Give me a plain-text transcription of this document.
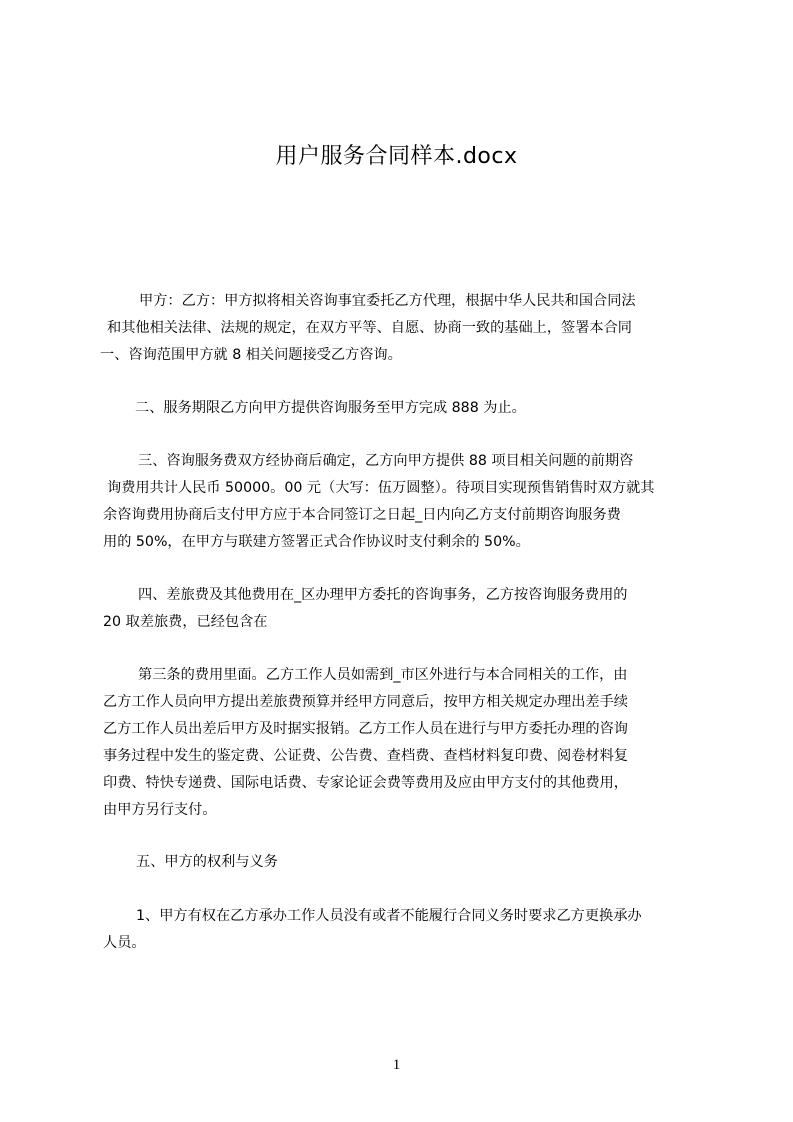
用户服务合同样本.docx
甲方：乙方：甲方拟将相关咨询事宜委托乙方代理，根据中华人民共和国合同法
和其他相关法律、法规的规定，在双方平等、自愿、协商一致的基础上，签署本合同
一、咨询范围甲方就 8 相关问题接受乙方咨询。
二、服务期限乙方向甲方提供咨询服务至甲方完成 888 为止。
三、咨询服务费双方经协商后确定，乙方向甲方提供 88 项目相关问题的前期咨
询费用共计人民币 50000。00 元（大写：伍万圆整）。待项目实现预售销售时双方就其
余咨询费用协商后支付甲方应于本合同签订之日起_日内向乙方支付前期咨询服务费
用的 50%，在甲方与联建方签署正式合作协议时支付剩余的 50%。
四、差旅费及其他费用在_区办理甲方委托的咨询事务，乙方按咨询服务费用的
20 取差旅费，已经包含在
第三条的费用里面。乙方工作人员如需到_市区外进行与本合同相关的工作，由
乙方工作人员向甲方提出差旅费预算并经甲方同意后，按甲方相关规定办理出差手续
乙方工作人员出差后甲方及时据实报销。乙方工作人员在进行与甲方委托办理的咨询
事务过程中发生的鉴定费、公证费、公告费、查档费、查档材料复印费、阅卷材料复
印费、特快专递费、国际电话费、专家论证会费等费用及应由甲方支付的其他费用，
由甲方另行支付。
五、甲方的权利与义务
1、甲方有权在乙方承办工作人员没有或者不能履行合同义务时要求乙方更换承办
人员。
1
